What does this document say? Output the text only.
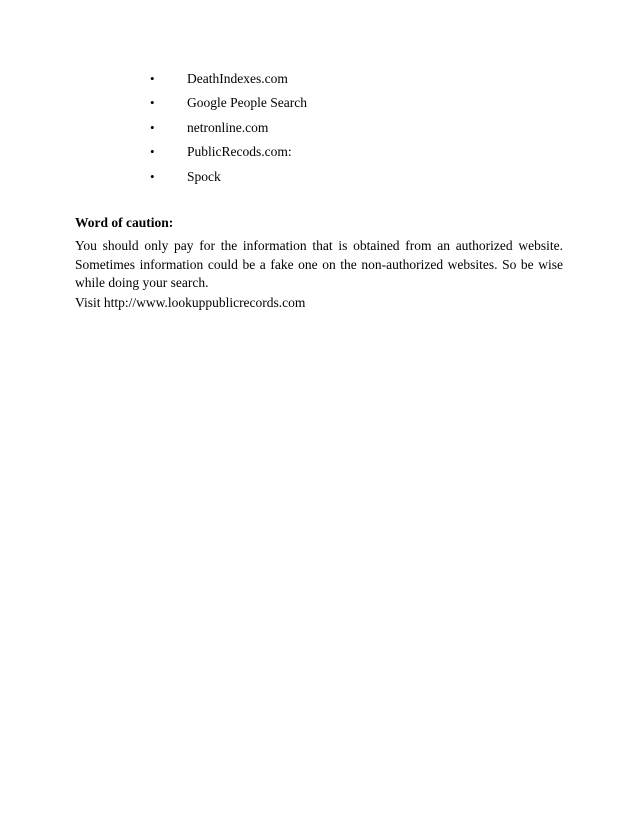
• DeathIndexes.com
• Google People Search
• netronline.com
• PublicRecods.com:
• Spock
Word of caution:

You should only pay for the information that is obtained from an authorized website. Sometimes information could be a fake one on the non-authorized websites. So be wise while doing your search.

Visit http://www.lookuppublicrecords.com
